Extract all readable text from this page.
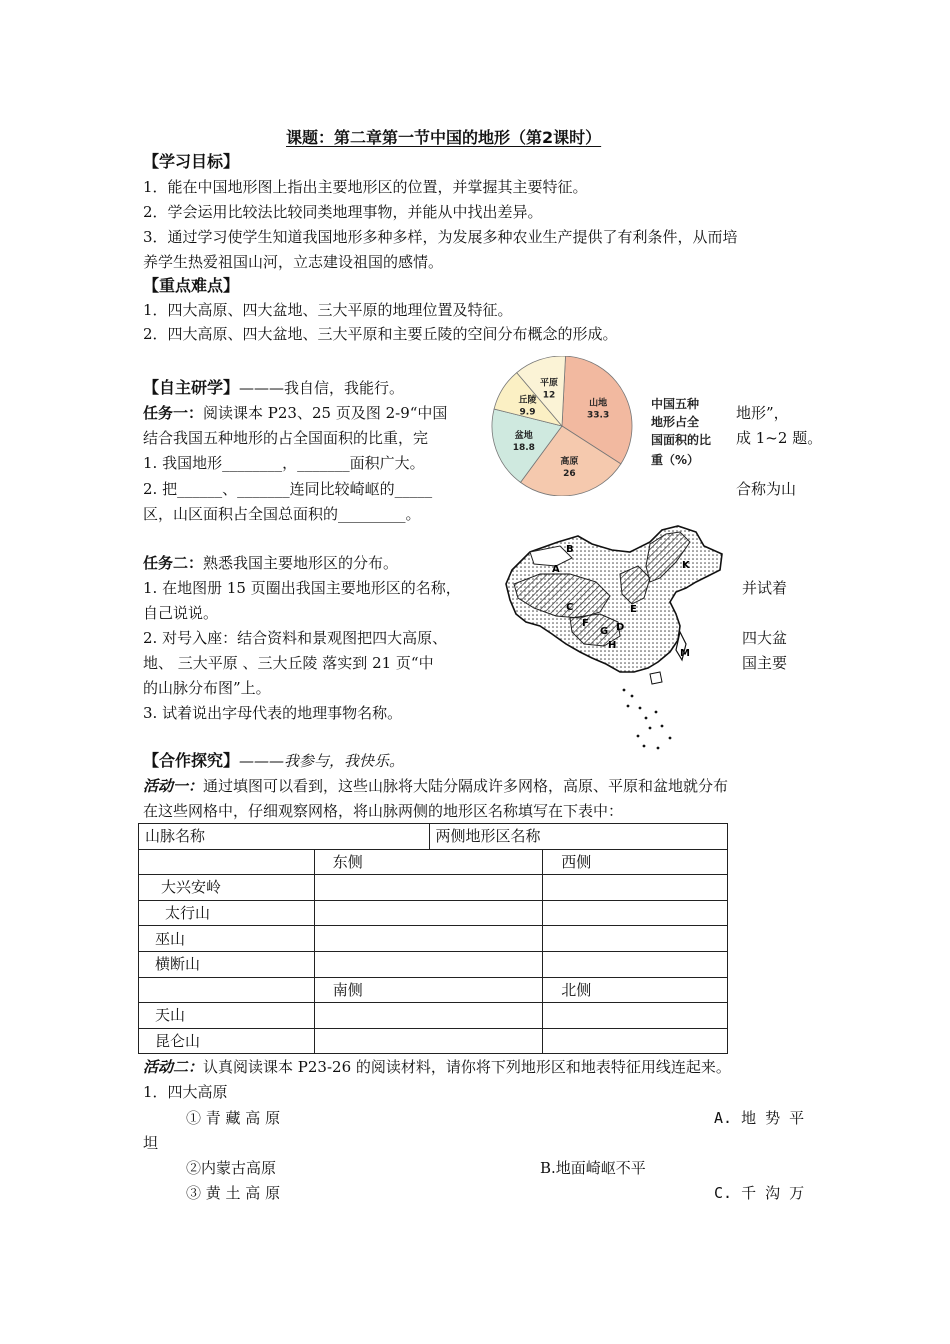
课题：第二章第一节中国的地形（第2课时）
【学习目标】
1．能在中国地形图上指出主要地形区的位置，并掌握其主要特征。
2．学会运用比较法比较同类地理事物，并能从中找出差异。
3．通过学习使学生知道我国地形多种多样，为发展多种农业生产提供了有利条件，从而培
养学生热爱祖国山河，立志建设祖国的感情。
【重点难点】
1．四大高原、四大盆地、三大平原的地理位置及特征。
2．四大高原、四大盆地、三大平原和主要丘陵的空间分布概念的形成。
【自主研学】———我自信，我能行。
任务一：阅读课本 P23、25 页及图 2-9“中国
结合我国五种地形的占全国面积的比重，完
1. 我国地形________，_______面积广大。
2. 把______、_______连同比较崎岖的_____
区，山区面积占全国总面积的_________。
地形”，
成 1~2 题。
合称为山
山地
33.3
高原
26
盆地
18.8
丘陵
9.9
平原
12
中国五种
地形占全
国面积的比
重（%）
任务二：熟悉我国主要地形区的分布。
1. 在地图册 15 页圈出我国主要地形区的名称，
自己说说。
2. 对号入座：结合资料和景观图把四大高原、
地、 三大平原 、三大丘陵 落实到 21 页“中
的山脉分布图”上。
3. 试着说出字母代表的地理事物名称。
并试着
四大盆
国主要
B
A	K
C	E
F
G D
H
M
【合作探究】———我参与，我快乐。
活动一：通过填图可以看到，这些山脉将大陆分隔成许多网格，高原、平原和盆地就分布
在这些网格中，仔细观察网格，将山脉两侧的地形区名称填写在下表中：
山脉名称		两侧地形区名称	
	东侧		西侧
大兴安岭			
太行山			
巫山			
横断山			
	南侧		北侧
天山			
昆仑山			
活动二：认真阅读课本 P23-26 的阅读材料，请你将下列地形区和地表特征用线连起来。
1．四大高原
① 青 藏 高 原
②内蒙古高原
③ 黄 土 高 原
A. 地 势 平
坦
B.地面崎岖不平
C. 千 沟 万
